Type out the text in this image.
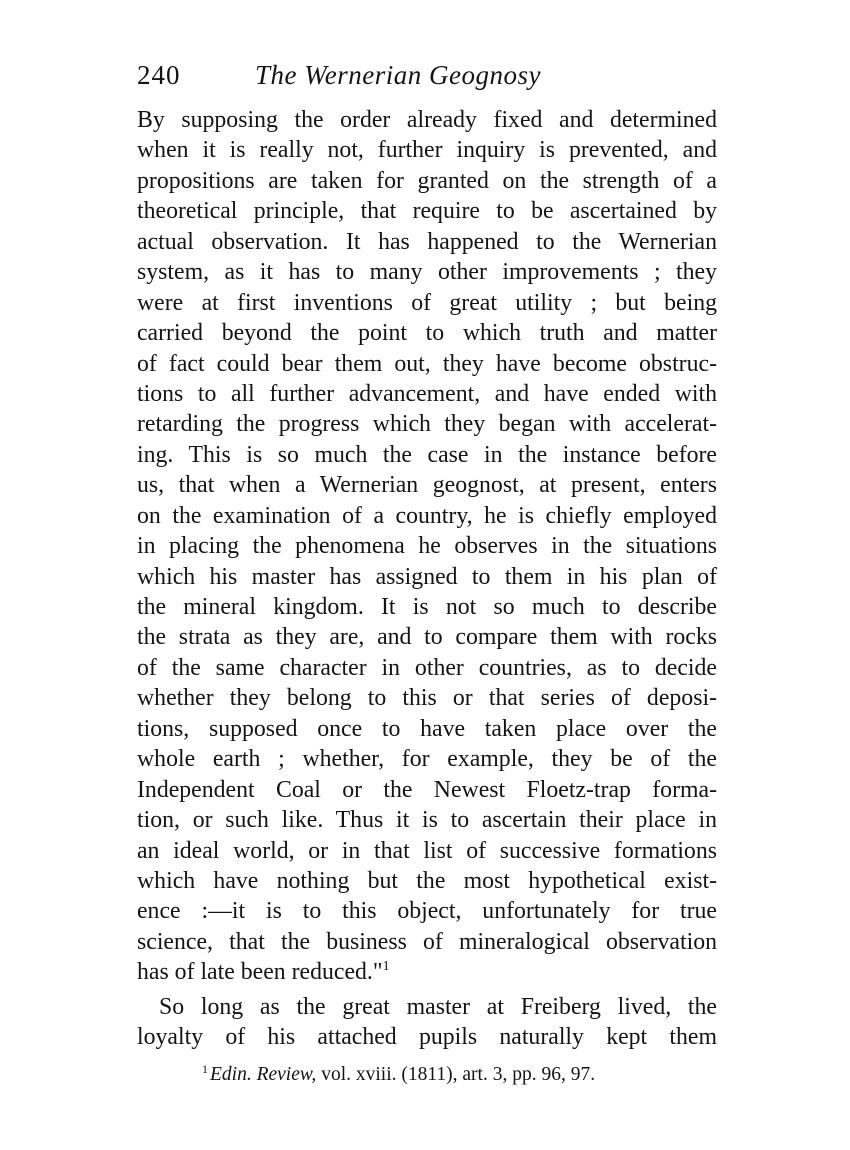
240	The Wernerian Geognosy
By supposing the order already fixed and determined
when it is really not, further inquiry is prevented, and
propositions are taken for granted on the strength of a
theoretical principle, that require to be ascertained by
actual observation. It has happened to the Wernerian
system, as it has to many other improvements ; they
were at first inventions of great utility ; but being
carried beyond the point to which truth and matter
of fact could bear them out, they have become obstruc-
tions to all further advancement, and have ended with
retarding the progress which they began with accelerat-
ing. This is so much the case in the instance before
us, that when a Wernerian geognost, at present, enters
on the examination of a country, he is chiefly employed
in placing the phenomena he observes in the situations
which his master has assigned to them in his plan of
the mineral kingdom. It is not so much to describe
the strata as they are, and to compare them with rocks
of the same character in other countries, as to decide
whether they belong to this or that series of deposi-
tions, supposed once to have taken place over the
whole earth ; whether, for example, they be of the
Independent Coal or the Newest Floetz-trap forma-
tion, or such like. Thus it is to ascertain their place in
an ideal world, or in that list of successive formations
which have nothing but the most hypothetical exist-
ence :—it is to this object, unfortunately for true
science, that the business of mineralogical observation
has of late been reduced."$^1$
So long as the great master at Freiberg lived, the
loyalty of his attached pupils naturally kept them
$^1$ Edin. Review, vol. xviii. (1811), art. 3, pp. 96, 97.
